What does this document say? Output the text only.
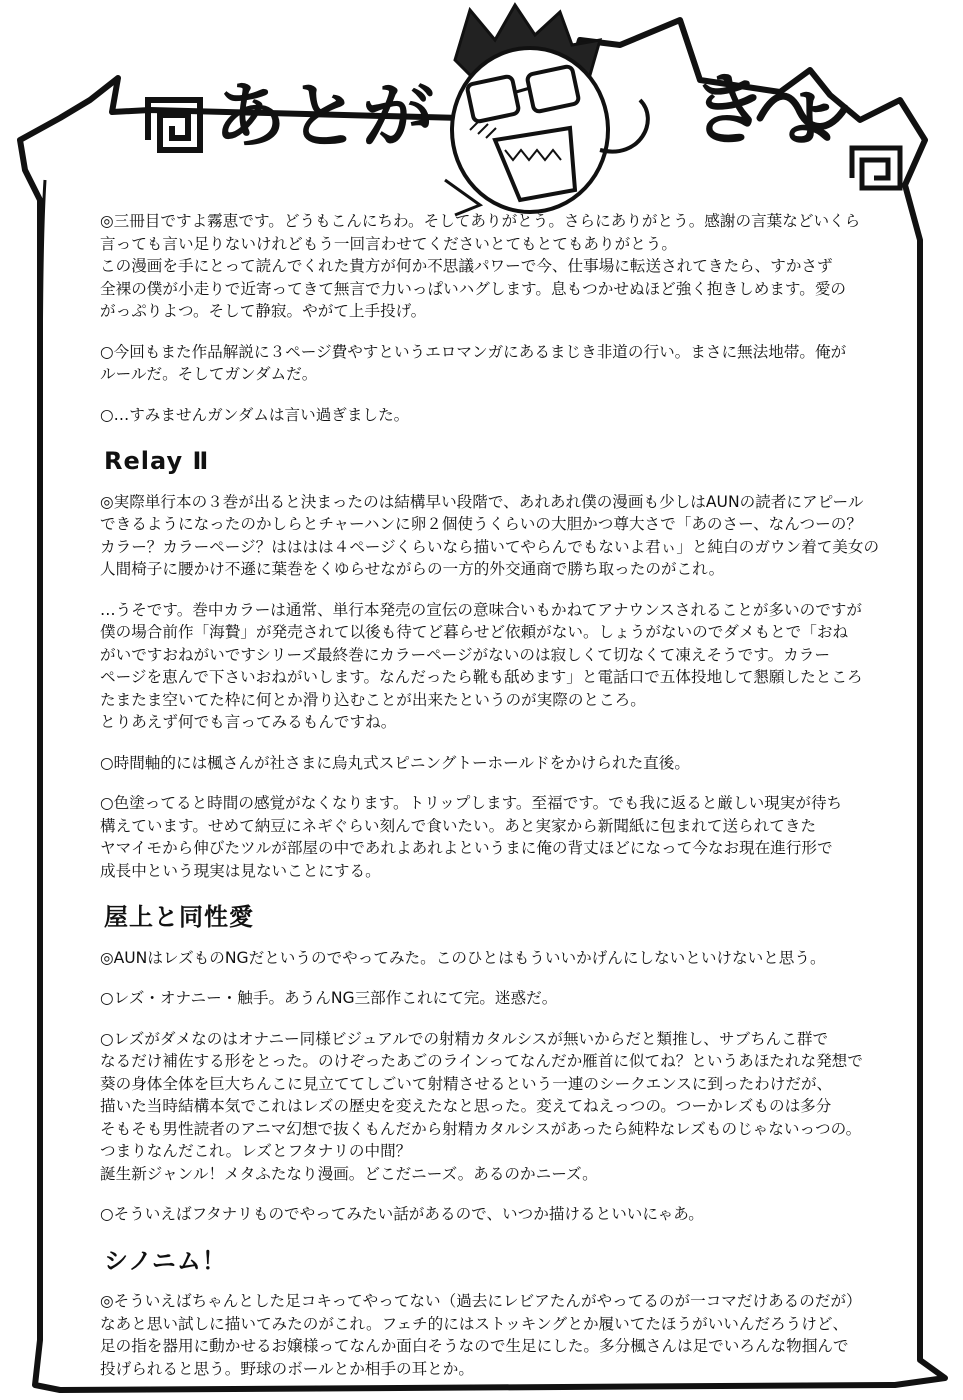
あとが	きょ

◎三冊目ですよ霧恵です。どうもこんにちわ。そしてありがとう。さらにありがとう。感謝の言葉などいくら
言っても言い足りないけれどもう一回言わせてくださいとてもとてもありがとう。
この漫画を手にとって読んでくれた貴方が何か不思議パワーで今、仕事場に転送されてきたら、すかさず
全裸の僕が小走りで近寄ってきて無言で力いっぱいハグします。息もつかせぬほど強く抱きしめます。愛の
がっぷりよつ。そして静寂。やがて上手投げ。

○今回もまた作品解説に３ページ費やすというエロマンガにあるまじき非道の行い。まさに無法地帯。俺が
ルールだ。そしてガンダムだ。

○…すみませんガンダムは言い過ぎました。

Relay Ⅱ

◎実際単行本の３巻が出ると決まったのは結構早い段階で、あれあれ僕の漫画も少しはAUNの読者にアピール
できるようになったのかしらとチャーハンに卵２個使うくらいの大胆かつ尊大さで「あのさー、なんつーの？
カラー？カラーページ？はははは４ページくらいなら描いてやらんでもないよ君ぃ」と純白のガウン着て美女の
人間椅子に腰かけ不遜に葉巻をくゆらせながらの一方的外交通商で勝ち取ったのがこれ。

…うそです。巻中カラーは通常、単行本発売の宣伝の意味合いもかねてアナウンスされることが多いのですが
僕の場合前作「海贄」が発売されて以後も待てど暮らせど依頼がない。しょうがないのでダメもとで「おね
がいですおねがいですシリーズ最終巻にカラーページがないのは寂しくて切なくて凍えそうです。カラー
ページを恵んで下さいおねがいします。なんだったら靴も舐めます」と電話口で五体投地して懇願したところ
たまたま空いてた枠に何とか滑り込むことが出来たというのが実際のところ。
とりあえず何でも言ってみるもんですね。

○時間軸的には楓さんが社さまに烏丸式スピニングトーホールドをかけられた直後。

○色塗ってると時間の感覚がなくなります。トリップします。至福です。でも我に返ると厳しい現実が待ち
構えています。せめて納豆にネギぐらい刻んで食いたい。あと実家から新聞紙に包まれて送られてきた
ヤマイモから伸びたツルが部屋の中であれよあれよというまに俺の背丈ほどになって今なお現在進行形で
成長中という現実は見ないことにする。

屋上と同性愛

◎AUNはレズものNGだというのでやってみた。このひとはもういいかげんにしないといけないと思う。

○レズ・オナニー・触手。あうんNG三部作これにて完。迷惑だ。

○レズがダメなのはオナニー同様ビジュアルでの射精カタルシスが無いからだと類推し、サブちんこ群で
なるだけ補佐する形をとった。のけぞったあごのラインってなんだか雁首に似てね？というあほたれな発想で
葵の身体全体を巨大ちんこに見立ててしごいて射精させるという一連のシークエンスに到ったわけだが、
描いた当時結構本気でこれはレズの歴史を変えたなと思った。変えてねえっつの。つーかレズものは多分
そもそも男性読者のアニマ幻想で抜くもんだから射精カタルシスがあったら純粋なレズものじゃないっつの。
つまりなんだこれ。レズとフタナリの中間？
誕生新ジャンル！メタふたなり漫画。どこだニーズ。あるのかニーズ。

○そういえばフタナリものでやってみたい話があるので、いつか描けるといいにゃあ。

シノニム！

◎そういえばちゃんとした足コキってやってない（過去にレビアたんがやってるのが一コマだけあるのだが）
なあと思い試しに描いてみたのがこれ。フェチ的にはストッキングとか履いてたほうがいいんだろうけど、
足の指を器用に動かせるお嬢様ってなんか面白そうなので生足にした。多分楓さんは足でいろんな物掴んで
投げられると思う。野球のボールとか相手の耳とか。
